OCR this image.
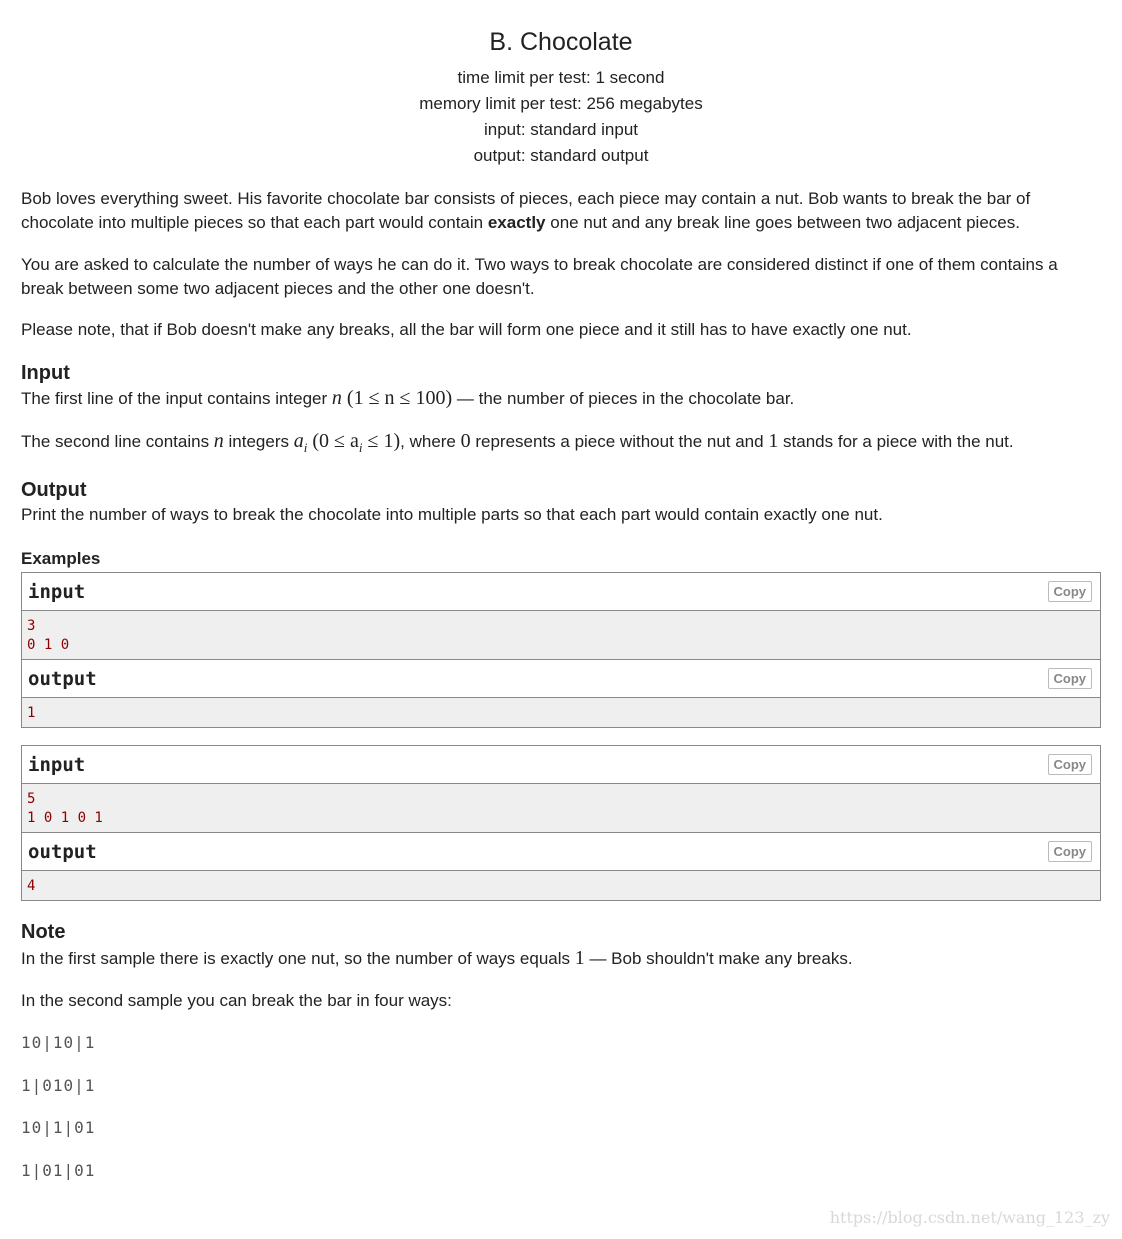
B. Chocolate
time limit per test: 1 second
memory limit per test: 256 megabytes
input: standard input
output: standard output

Bob loves everything sweet. His favorite chocolate bar consists of pieces, each piece may contain a nut. Bob wants to break the bar of chocolate into multiple pieces so that each part would contain exactly one nut and any break line goes between two adjacent pieces.

You are asked to calculate the number of ways he can do it. Two ways to break chocolate are considered distinct if one of them contains a break between some two adjacent pieces and the other one doesn't.

Please note, that if Bob doesn't make any breaks, all the bar will form one piece and it still has to have exactly one nut.

Input

The first line of the input contains integer n (1 ≤ n ≤ 100) — the number of pieces in the chocolate bar.

The second line contains n integers $a_i$ $(0 \le a_i \le 1)$, where 0 represents a piece without the nut and 1 stands for a piece with the nut.

Output

Print the number of ways to break the chocolate into multiple parts so that each part would contain exactly one nut.

Examples
input	Copy
3
0 1 0
output	Copy
1
input	Copy
5
1 0 1 0 1
output	Copy
4
Note

In the first sample there is exactly one nut, so the number of ways equals 1 — Bob shouldn't make any breaks.

In the second sample you can break the bar in four ways:

10|10|1
1|010|1
10|1|01
1|01|01
https://blog.csdn.net/wang_123_zy
